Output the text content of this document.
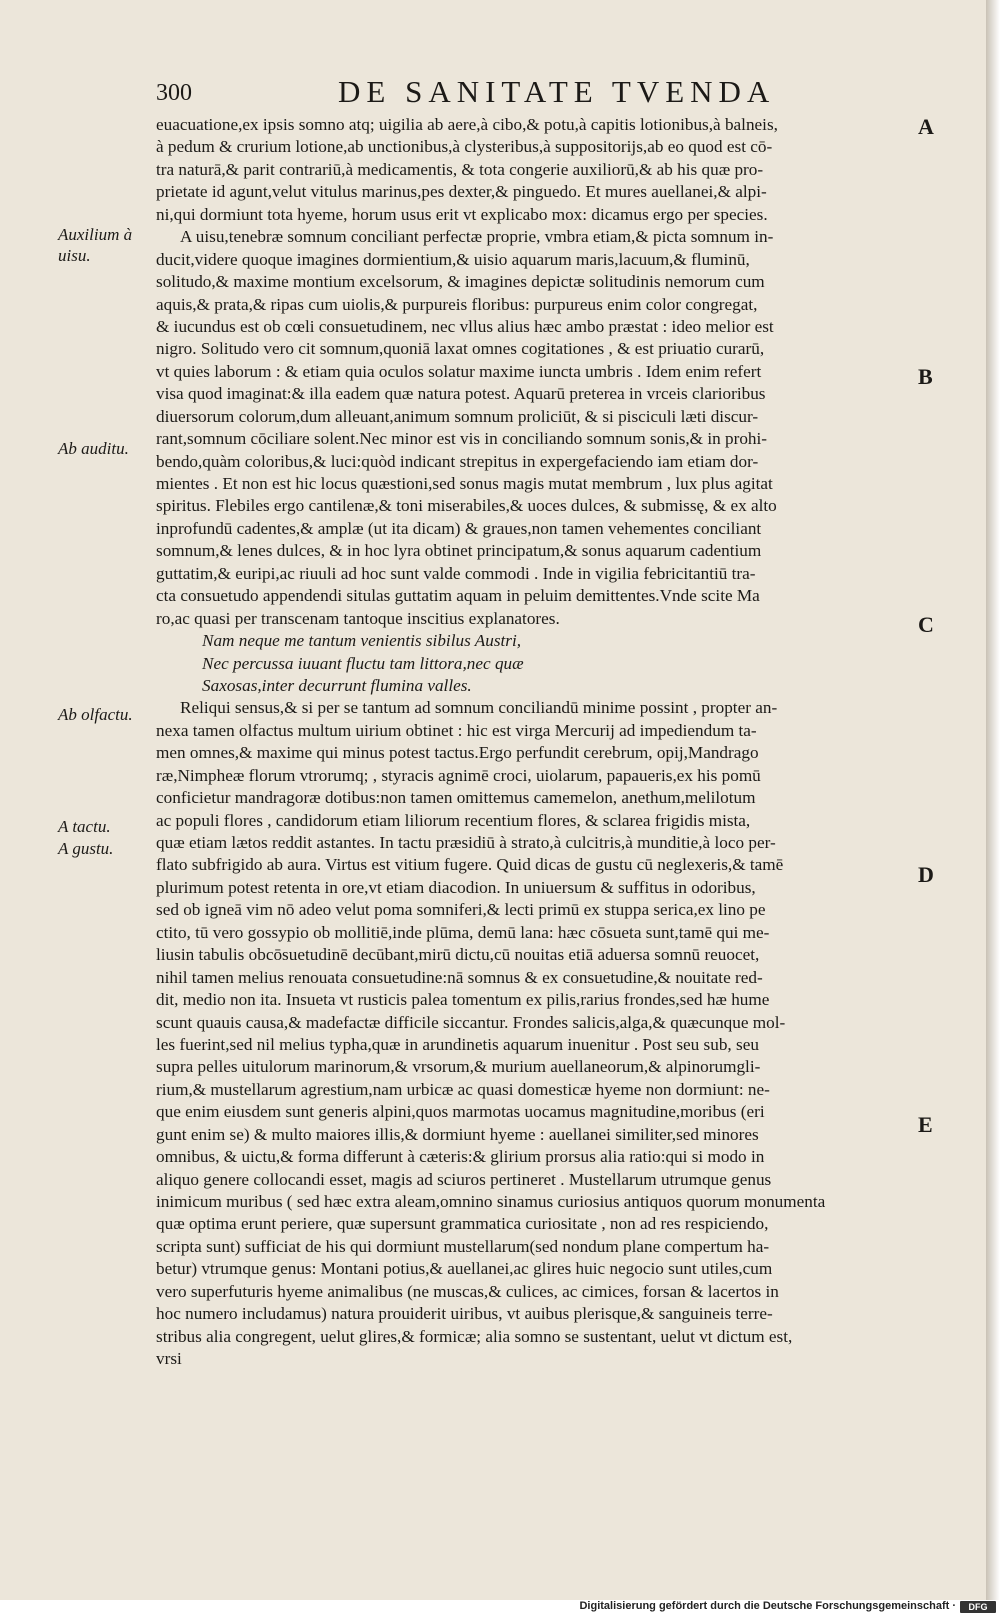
300	DE SANITATE TVENDA
euacuatione,ex ipsis somno atq; uigilia ab aere,à cibo,& potu,à capitis lotionibus,à balneis,
à pedum & crurium lotione,ab unctionibus,à clysteribus,à suppositorijs,ab eo quod est cō-
tra naturā,& parit contrariū,à medicamentis, & tota congerie auxiliorū,& ab his quæ pro-
prietate id agunt,velut vitulus marinus,pes dexter,& pinguedo. Et mures auellanei,& alpi-
ni,qui dormiunt tota hyeme, horum usus erit vt explicabo mox: dicamus ergo per species.
A uisu,tenebræ somnum conciliant perfectæ proprie, vmbra etiam,& picta somnum in-
ducit,videre quoque imagines dormientium,& uisio aquarum maris,lacuum,& fluminū,
solitudo,& maxime montium excelsorum, & imagines depictæ solitudinis nemorum cum
aquis,& prata,& ripas cum uiolis,& purpureis floribus: purpureus enim color congregat,
& iucundus est ob cœli consuetudinem, nec vllus alius hæc ambo præstat : ideo melior est
nigro. Solitudo vero cit somnum,quoniā laxat omnes cogitationes , & est priuatio curarū,
vt quies laborum : & etiam quia oculos solatur maxime iuncta umbris . Idem enim refert
visa quod imaginat:& illa eadem quæ natura potest. Aquarū preterea in vrceis clarioribus
diuersorum colorum,dum alleuant,animum somnum proliciūt, & si pisciculi læti discur-
rant,somnum cōciliare solent.Nec minor est vis in conciliando somnum sonis,& in prohi-
bendo,quàm coloribus,& luci:quòd indicant strepitus in expergefaciendo iam etiam dor-
mientes . Et non est hic locus quæstioni,sed sonus magis mutat membrum , lux plus agitat
spiritus. Flebiles ergo cantilenæ,& toni miserabiles,& uoces dulces, & submissę, & ex alto
inprofundū cadentes,& amplæ (ut ita dicam) & graues,non tamen vehementes conciliant
somnum,& lenes dulces, & in hoc lyra obtinet principatum,& sonus aquarum cadentium
guttatim,& euripi,ac riuuli ad hoc sunt valde commodi . Inde in vigilia febricitantiū tra-
cta consuetudo appendendi situlas guttatim aquam in peluim demittentes.Vnde scite Ma
ro,ac quasi per transcenam tantoque inscitius explanatores.
Nam neque me tantum venientis sibilus Austri,
Nec percussa iuuant fluctu tam littora,nec quæ
Saxosas,inter decurrunt flumina valles.
Reliqui sensus,& si per se tantum ad somnum conciliandū minime possint , propter an-
nexa tamen olfactus multum uirium obtinet : hic est virga Mercurij ad impediendum ta-
men omnes,& maxime qui minus potest tactus.Ergo perfundit cerebrum, opij,Mandrago
ræ,Nimpheæ florum vtrorumq; , styracis agnimē croci, uiolarum, papaueris,ex his pomū
conficietur mandragoræ dotibus:non tamen omittemus camemelon, anethum,melilotum
ac populi flores , candidorum etiam liliorum recentium flores, & sclarea frigidis mista,
quæ etiam lætos reddit astantes. In tactu præsidiū à strato,à culcitris,à munditie,à loco per-
flato subfrigido ab aura. Virtus est vitium fugere. Quid dicas de gustu cū neglexeris,& tamē
plurimum potest retenta in ore,vt etiam diacodion. In uniuersum & suffitus in odoribus,
sed ob igneā vim nō adeo velut poma somniferi,& lecti primū ex stuppa serica,ex lino pe
ctito, tū vero gossypio ob mollitiē,inde plūma, demū lana: hæc cōsueta sunt,tamē qui me-
liusin tabulis obcōsuetudinē decūbant,mirū dictu,cū nouitas etiā aduersa somnū reuocet,
nihil tamen melius renouata consuetudine:nā somnus & ex consuetudine,& nouitate red-
dit, medio non ita. Insueta vt rusticis palea tomentum ex pilis,rarius frondes,sed hæ hume
scunt quauis causa,& madefactæ difficile siccantur. Frondes salicis,alga,& quæcunque mol-
les fuerint,sed nil melius typha,quæ in arundinetis aquarum inuenitur . Post seu sub, seu
supra pelles uitulorum marinorum,& vrsorum,& murium auellaneorum,& alpinorumgli-
rium,& mustellarum agrestium,nam urbicæ ac quasi domesticæ hyeme non dormiunt: ne-
que enim eiusdem sunt generis alpini,quos marmotas uocamus magnitudine,moribus (eri
gunt enim se) & multo maiores illis,& dormiunt hyeme : auellanei similiter,sed minores
omnibus, & uictu,& forma differunt à cæteris:& glirium prorsus alia ratio:qui si modo in
aliquo genere collocandi esset, magis ad sciuros pertineret . Mustellarum utrumque genus
inimicum muribus ( sed hæc extra aleam,omnino sinamus curiosius antiquos quorum monumenta
quæ optima erunt periere, quæ supersunt grammatica curiositate , non ad res respiciendo,
scripta sunt) sufficiat de his qui dormiunt mustellarum(sed nondum plane compertum ha-
betur) vtrumque genus: Montani potius,& auellanei,ac glires huic negocio sunt utiles,cum
vero superfuturis hyeme animalibus (ne muscas,& culices, ac cimices, forsan & lacertos in
hoc numero includamus) natura prouiderit uiribus, vt auibus plerisque,& sanguineis terre-
stribus alia congregent, uelut glires,& formicæ; alia somno se sustentant, uelut vt dictum est,
vrsi
Auxilium à uisu.
Ab auditu.
Ab olfactu.
A tactu.
A gustu.
A
B
C
D
E
Digitalisierung gefördert durch die Deutsche Forschungsgemeinschaft ·	DFG
